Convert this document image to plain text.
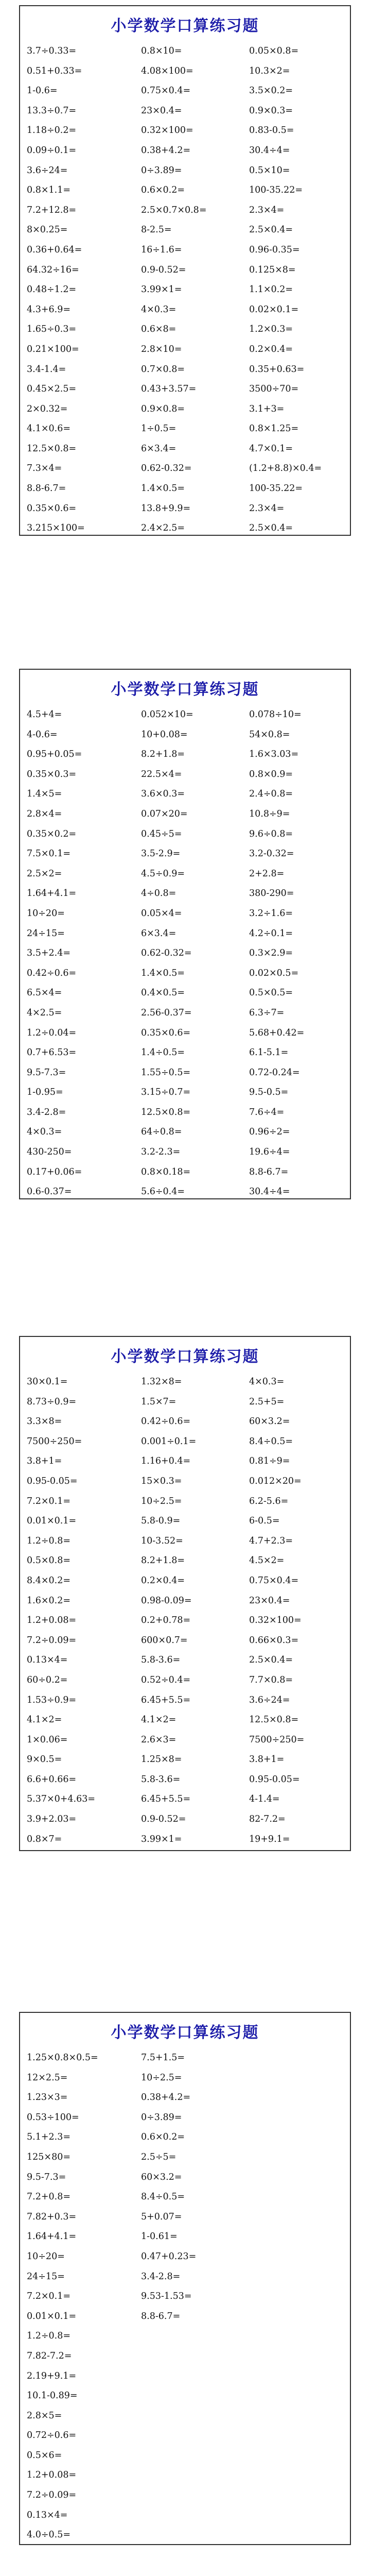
小学数学口算练习题
3.7÷0.33=	0.8×10=	0.05×0.8=
0.51+0.33=	4.08×100=	10.3×2=
1-0.6=	0.75×0.4=	3.5×0.2=
13.3÷0.7=	23×0.4=	0.9×0.3=
1.18÷0.2=	0.32×100=	0.83-0.5=
0.09÷0.1=	0.38+4.2=	30.4÷4=
3.6÷24=	0÷3.89=	0.5×10=
0.8×1.1=	0.6×0.2=	100-35.22=
7.2+12.8=	2.5×0.7×0.8=	2.3×4=
8×0.25=	8-2.5=	2.5×0.4=
0.36+0.64=	16÷1.6=	0.96-0.35=
64.32÷16=	0.9-0.52=	0.125×8=
0.48÷1.2=	3.99×1=	1.1×0.2=
4.3+6.9=	4×0.3=	0.02×0.1=
1.65÷0.3=	0.6×8=	1.2×0.3=
0.21×100=	2.8×10=	0.2×0.4=
3.4-1.4=	0.7×0.8=	0.35+0.63=
0.45×2.5=	0.43+3.57=	3500÷70=
2×0.32=	0.9×0.8=	3.1+3=
4.1×0.6=	1÷0.5=	0.8×1.25=
12.5×0.8=	6×3.4=	4.7×0.1=
7.3×4=	0.62-0.32=	(1.2+8.8)×0.4=
8.8-6.7=	1.4×0.5=	100-35.22=
0.35×0.6=	13.8+9.9=	2.3×4=
3.215×100=	2.4×2.5=	2.5×0.4=
小学数学口算练习题
4.5+4=	0.052×10=	0.078÷10=
4-0.6=	10+0.08=	54×0.8=
0.95+0.05=	8.2+1.8=	1.6×3.03=
0.35×0.3=	22.5×4=	0.8×0.9=
1.4×5=	3.6×0.3=	2.4÷0.8=
2.8×4=	0.07×20=	10.8÷9=
0.35×0.2=	0.45÷5=	9.6÷0.8=
7.5×0.1=	3.5-2.9=	3.2-0.32=
2.5×2=	4.5÷0.9=	2+2.8=
1.64+4.1=	4÷0.8=	380-290=
10÷20=	0.05×4=	3.2÷1.6=
24÷15=	6×3.4=	4.2÷0.1=
3.5+2.4=	0.62-0.32=	0.3×2.9=
0.42÷0.6=	1.4×0.5=	0.02×0.5=
6.5×4=	0.4×0.5=	0.5×0.5=
4×2.5=	2.56-0.37=	6.3÷7=
1.2÷0.04=	0.35×0.6=	5.68+0.42=
0.7+6.53=	1.4÷0.5=	6.1-5.1=
9.5-7.3=	1.55÷0.5=	0.72-0.24=
1-0.95=	3.15÷0.7=	9.5-0.5=
3.4-2.8=	12.5×0.8=	7.6÷4=
4×0.3=	64÷0.8=	0.96÷2=
430-250=	3.2-2.3=	19.6÷4=
0.17+0.06=	0.8×0.18=	8.8-6.7=
0.6-0.37=	5.6÷0.4=	30.4÷4=
小学数学口算练习题
30×0.1=	1.32×8=	4×0.3=
8.73÷0.9=	1.5×7=	2.5+5=
3.3×8=	0.42÷0.6=	60×3.2=
7500÷250=	0.001÷0.1=	8.4÷0.5=
3.8+1=	1.16+0.4=	0.81÷9=
0.95-0.05=	15×0.3=	0.012×20=
7.2×0.1=	10÷2.5=	6.2-5.6=
0.01×0.1=	5.8-0.9=	6-0.5=
1.2÷0.8=	10-3.52=	4.7+2.3=
0.5×0.8=	8.2+1.8=	4.5×2=
8.4×0.2=	0.2×0.4=	0.75×0.4=
1.6×0.2=	0.98-0.09=	23×0.4=
1.2+0.08=	0.2+0.78=	0.32×100=
7.2÷0.09=	600×0.7=	0.66×0.3=
0.13×4=	5.8-3.6=	2.5×0.4=
60÷0.2=	0.52÷0.4=	7.7×0.8=
1.53÷0.9=	6.45+5.5=	3.6÷24=
4.1×2=	4.1×2=	12.5×0.8=
1×0.06=	2.6×3=	7500÷250=
9×0.5=	1.25×8=	3.8+1=
6.6+0.66=	5.8-3.6=	0.95-0.05=
5.37×0+4.63=	6.45+5.5=	4-1.4=
3.9+2.03=	0.9-0.52=	82-7.2=
0.8×7=	3.99×1=	19+9.1=
小学数学口算练习题
1.25×0.8×0.5=	7.5+1.5=
12×2.5=	10÷2.5=
1.23×3=	0.38+4.2=
0.53÷100=	0÷3.89=
5.1+2.3=	0.6×0.2=
125×80=	2.5÷5=
9.5-7.3=	60×3.2=
7.2+0.8=	8.4÷0.5=
7.82+0.3=	5+0.07=
1.64+4.1=	1-0.61=
10÷20=	0.47+0.23=
24÷15=	3.4-2.8=
7.2×0.1=	9.53-1.53=
0.01×0.1=	8.8-6.7=
1.2÷0.8=
7.82-7.2=
2.19+9.1=
10.1-0.89=
2.8×5=
0.72÷0.6=
0.5×6=
1.2+0.08=
7.2÷0.09=
0.13×4=
4.0÷0.5=
